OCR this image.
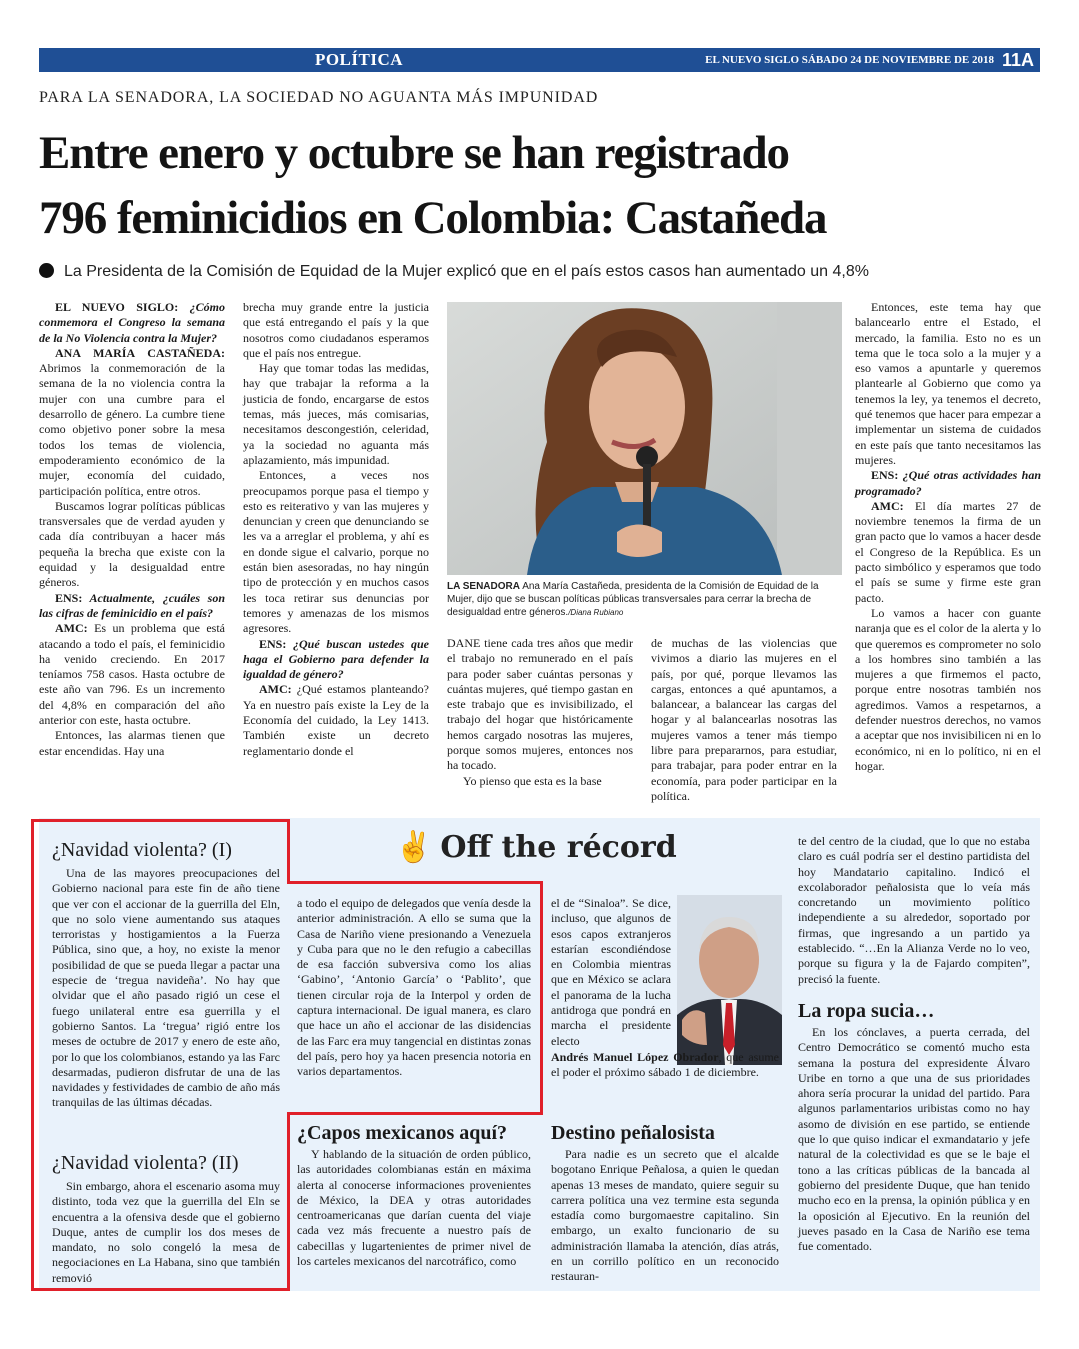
POLÍTICA	EL NUEVO SIGLO SÁBADO 24 DE NOVIEMBRE DE 2018 11A
PARA LA SENADORA, LA SOCIEDAD NO AGUANTA MÁS IMPUNIDAD
Entre enero y octubre se han registrado
796 feminicidios en Colombia: Castañeda
La Presidenta de la Comisión de Equidad de la Mujer explicó que en el país estos casos han aumentado un 4,8%

EL NUEVO SIGLO: ¿Cómo conmemora el Congreso la semana de la No Violencia contra la Mujer?

ANA MARÍA CASTAÑEDA: Abrimos la conmemoración de la semana de la no violencia contra la mujer con una cumbre para el desarrollo de género. La cumbre tiene como objetivo poner sobre la mesa todos los temas de violencia, empoderamiento económico de la mujer, economía del cuidado, participación política, entre otros.

Buscamos lograr políticas públicas transversales que de verdad ayuden y cada día contribuyan a hacer más pequeña la brecha que existe con la equidad y la desigualdad entre géneros.

ENS: Actualmente, ¿cuáles son las cifras de feminicidio en el país?

AMC: Es un problema que está atacando a todo el país, el feminicidio ha venido creciendo. En 2017 teníamos 758 casos. Hasta octubre de este año van 796. Es un incremento del 4,8% en comparación del año anterior con este, hasta octubre.

Entonces, las alarmas tienen que estar encendidas. Hay una

brecha muy grande entre la justicia que está entregando el país y la que nosotros como ciudadanos esperamos que el país nos entregue.

Hay que tomar todas las medidas, hay que trabajar la reforma a la justicia de fondo, encargarse de estos temas, más jueces, más comisarias, necesitamos descongestión, celeridad, ya la sociedad no aguanta más aplazamiento, más impunidad.

Entonces, a veces nos preocupamos porque pasa el tiempo y esto es reiterativo y van las mujeres y denuncian y creen que denunciando se les va a arreglar el problema, y ahí es en donde sigue el calvario, porque no están bien asesoradas, no hay ningún tipo de protección y en muchos casos les toca retirar sus denuncias por temores y amenazas de los mismos agresores.

ENS: ¿Qué buscan ustedes que haga el Gobierno para defender la igualdad de género?

AMC: ¿Qué estamos planteando? Ya en nuestro país existe la Ley de la Economía del cuidado, la Ley 1413. También existe un decreto reglamentario donde el

LA SENADORA Ana María Castañeda, presidenta de la Comisión de Equidad de la Mujer, dijo que se buscan políticas públicas transversales para cerrar la brecha de desigualdad entre géneros./Diana Rubiano

DANE tiene cada tres años que medir el trabajo no remunerado en el país para poder saber cuántas personas y cuántas mujeres, qué tiempo gastan en este trabajo que es invisibilizado, el trabajo del hogar que históricamente hemos cargado nosotras las mujeres, porque somos mujeres, entonces nos ha tocado.

Yo pienso que esta es la base

de muchas de las violencias que vivimos a diario las mujeres en el país, por qué, porque llevamos las cargas, entonces a qué apuntamos, a balancear, a balancear las cargas del hogar y al balancearlas nosotras las mujeres vamos a tener más tiempo libre para prepararnos, para estudiar, para trabajar, para poder entrar en la economía, para poder participar en la política.

Entonces, este tema hay que balancearlo entre el Estado, el mercado, la familia. Esto no es un tema que le toca solo a la mujer y a eso vamos a apuntarle y queremos plantearle al Gobierno que como ya tenemos la ley, ya tenemos el decreto, qué tenemos que hacer para empezar a implementar un sistema de cuidados en este país que tanto necesitamos las mujeres.

ENS: ¿Qué otras actividades han programado?

AMC: El día martes 27 de noviembre tenemos la firma de un gran pacto que lo vamos a hacer desde el Congreso de la República. Es un pacto simbólico y esperamos que todo el país se sume y firme este gran pacto.

Lo vamos a hacer con guante naranja que es el color de la alerta y lo que queremos es comprometer no solo a los hombres sino también a las mujeres a que firmemos el pacto, porque entre nosotras también nos agredimos. Vamos a respetarnos, a defender nuestros derechos, no vamos a aceptar que nos invisibilicen ni en lo económico, ni en lo político, ni en el hogar.

✌ Off the récord
¿Navidad violenta? (I)

Una de las mayores preocupaciones del Gobierno nacional para este fin de año tiene que ver con el accionar de la guerrilla del Eln, que no solo viene aumentando sus ataques terroristas y hostigamientos a la Fuerza Pública, sino que, a hoy, no existe la menor posibilidad de que se pueda llegar a pactar una especie de ‘tregua navideña’. No hay que olvidar que el año pasado rigió un cese el fuego unilateral entre esa guerrilla y el gobierno Santos. La ‘tregua’ rigió entre los meses de octubre de 2017 y enero de este año, por lo que los colombianos, estando ya las Farc desarmadas, pudieron disfrutar de una de las navidades y festividades de cambio de año más tranquilas de las últimas décadas.

¿Navidad violenta? (II)

Sin embargo, ahora el escenario asoma muy distinto, toda vez que la guerrilla del Eln se encuentra a la ofensiva desde que el gobierno Duque, antes de cumplir los dos meses de mandato, no solo congeló la mesa de negociaciones en La Habana, sino que también removió

a todo el equipo de delegados que venía desde la anterior administración. A ello se suma que la Casa de Nariño viene presionando a Venezuela y Cuba para que no le den refugio a cabecillas de esa facción subversiva como los alias ‘Gabino’, ‘Antonio García’ o ‘Pablito’, que tienen circular roja de la Interpol y orden de captura internacional. De igual manera, es claro que hace un año el accionar de las disidencias de las Farc era muy tangencial en distintas zonas del país, pero hoy ya hacen presencia notoria en varios departamentos.

¿Capos mexicanos aquí?

Y hablando de la situación de orden público, las autoridades colombianas están en máxima alerta al conocerse informaciones provenientes de México, la DEA y otras autoridades centroamericanas que darían cuenta del viaje cada vez más frecuente a nuestro país de cabecillas y lugartenientes de primer nivel de los carteles mexicanos del narcotráfico, como

el de “Sinaloa”. Se dice, incluso, que algunos de esos capos extranjeros estarían escondiéndose en Colombia mientras que en México se aclara el panorama de la lucha antidroga que pondrá en marcha el presidente electo

Andrés Manuel López Obrador, que asume el poder el próximo sábado 1 de diciembre.

Destino peñalosista

Para nadie es un secreto que el alcalde bogotano Enrique Peñalosa, a quien le quedan apenas 13 meses de mandato, quiere seguir su carrera política una vez termine esta segunda estadía como burgomaestre capitalino. Sin embargo, un exalto funcionario de su administración llamaba la atención, días atrás, en un corrillo político en un reconocido restauran-

te del centro de la ciudad, que lo que no estaba claro es cuál podría ser el destino partidista del hoy Mandatario capitalino. Indicó el excolaborador peñalosista que lo veía más concretando un movimiento político independiente a su alrededor, soportado por firmas, que ingresando a un partido ya establecido. “…En la Alianza Verde no lo veo, porque su figura y la de Fajardo compiten”, precisó la fuente.

La ropa sucia…

En los cónclaves, a puerta cerrada, del Centro Democrático se comentó mucho esta semana la postura del expresidente Álvaro Uribe en torno a que una de sus prioridades ahora sería procurar la unidad del partido. Para algunos parlamentarios uribistas como no hay asomo de división en ese partido, se entiende que lo que quiso indicar el exmandatario y jefe natural de la colectividad es que se le baje el tono a las críticas públicas de la bancada al gobierno del presidente Duque, que han tenido mucho eco en la prensa, la opinión pública y en la oposición al Ejecutivo. En la reunión del jueves pasado en la Casa de Nariño ese tema fue comentado.
